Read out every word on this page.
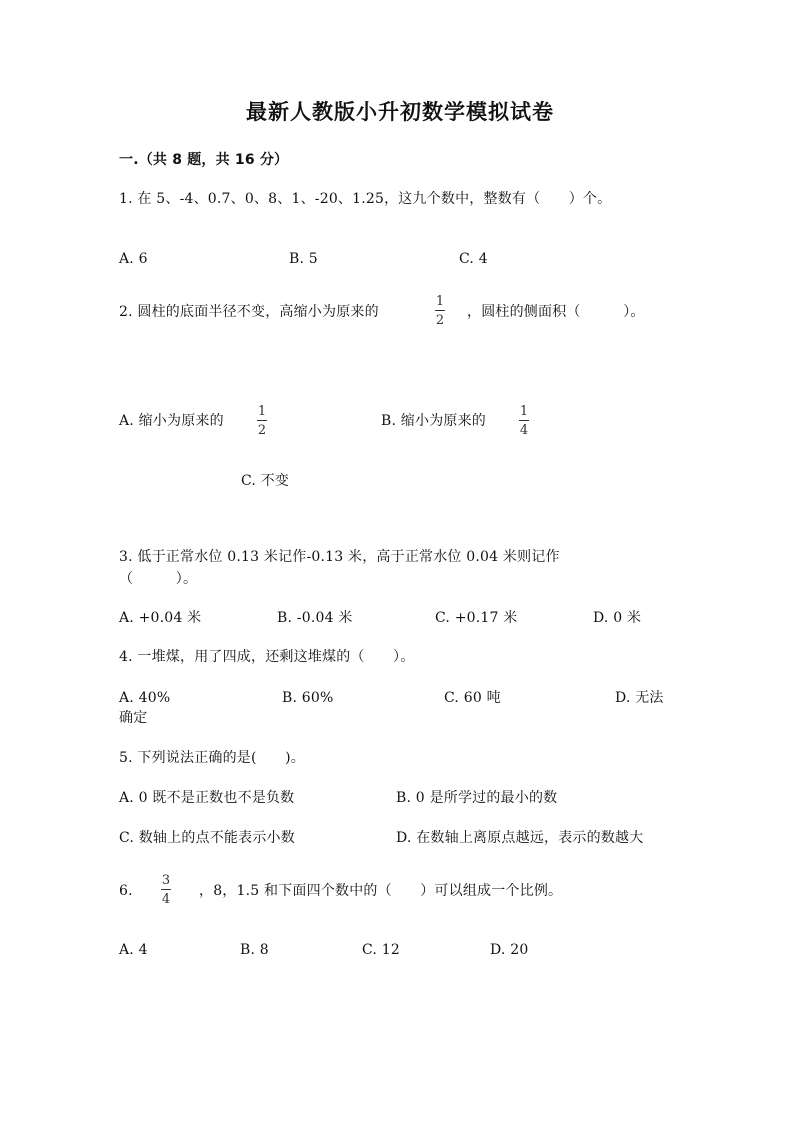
最新人教版小升初数学模拟试卷
一.（共 8 题，共 16 分）
1. 在 5、-4、0.7、0、8、1、-20、1.25，这九个数中，整数有（　　）个。
A. 6	B. 5	C. 4
2. 圆柱的底面半径不变，高缩小为原来的
1
2
，圆柱的侧面积（　　　）。
A. 缩小为原来的
1
2
B. 缩小为原来的
1
4
C. 不变
3. 低于正常水位 0.13 米记作-0.13 米，高于正常水位 0.04 米则记作
（　　　）。
A. +0.04 米	B. -0.04 米	C. +0.17 米	D. 0 米
4. 一堆煤，用了四成，还剩这堆煤的（　　）。
A. 40%	B. 60%	C. 60 吨	D. 无法
确定
5. 下列说法正确的是(　　)。
A. 0 既不是正数也不是负数	B. 0 是所学过的最小的数
C. 数轴上的点不能表示小数	D. 在数轴上离原点越远，表示的数越大
6.
3
4
，8，1.5 和下面四个数中的（　　）可以组成一个比例。
A. 4	B. 8	C. 12	D. 20
